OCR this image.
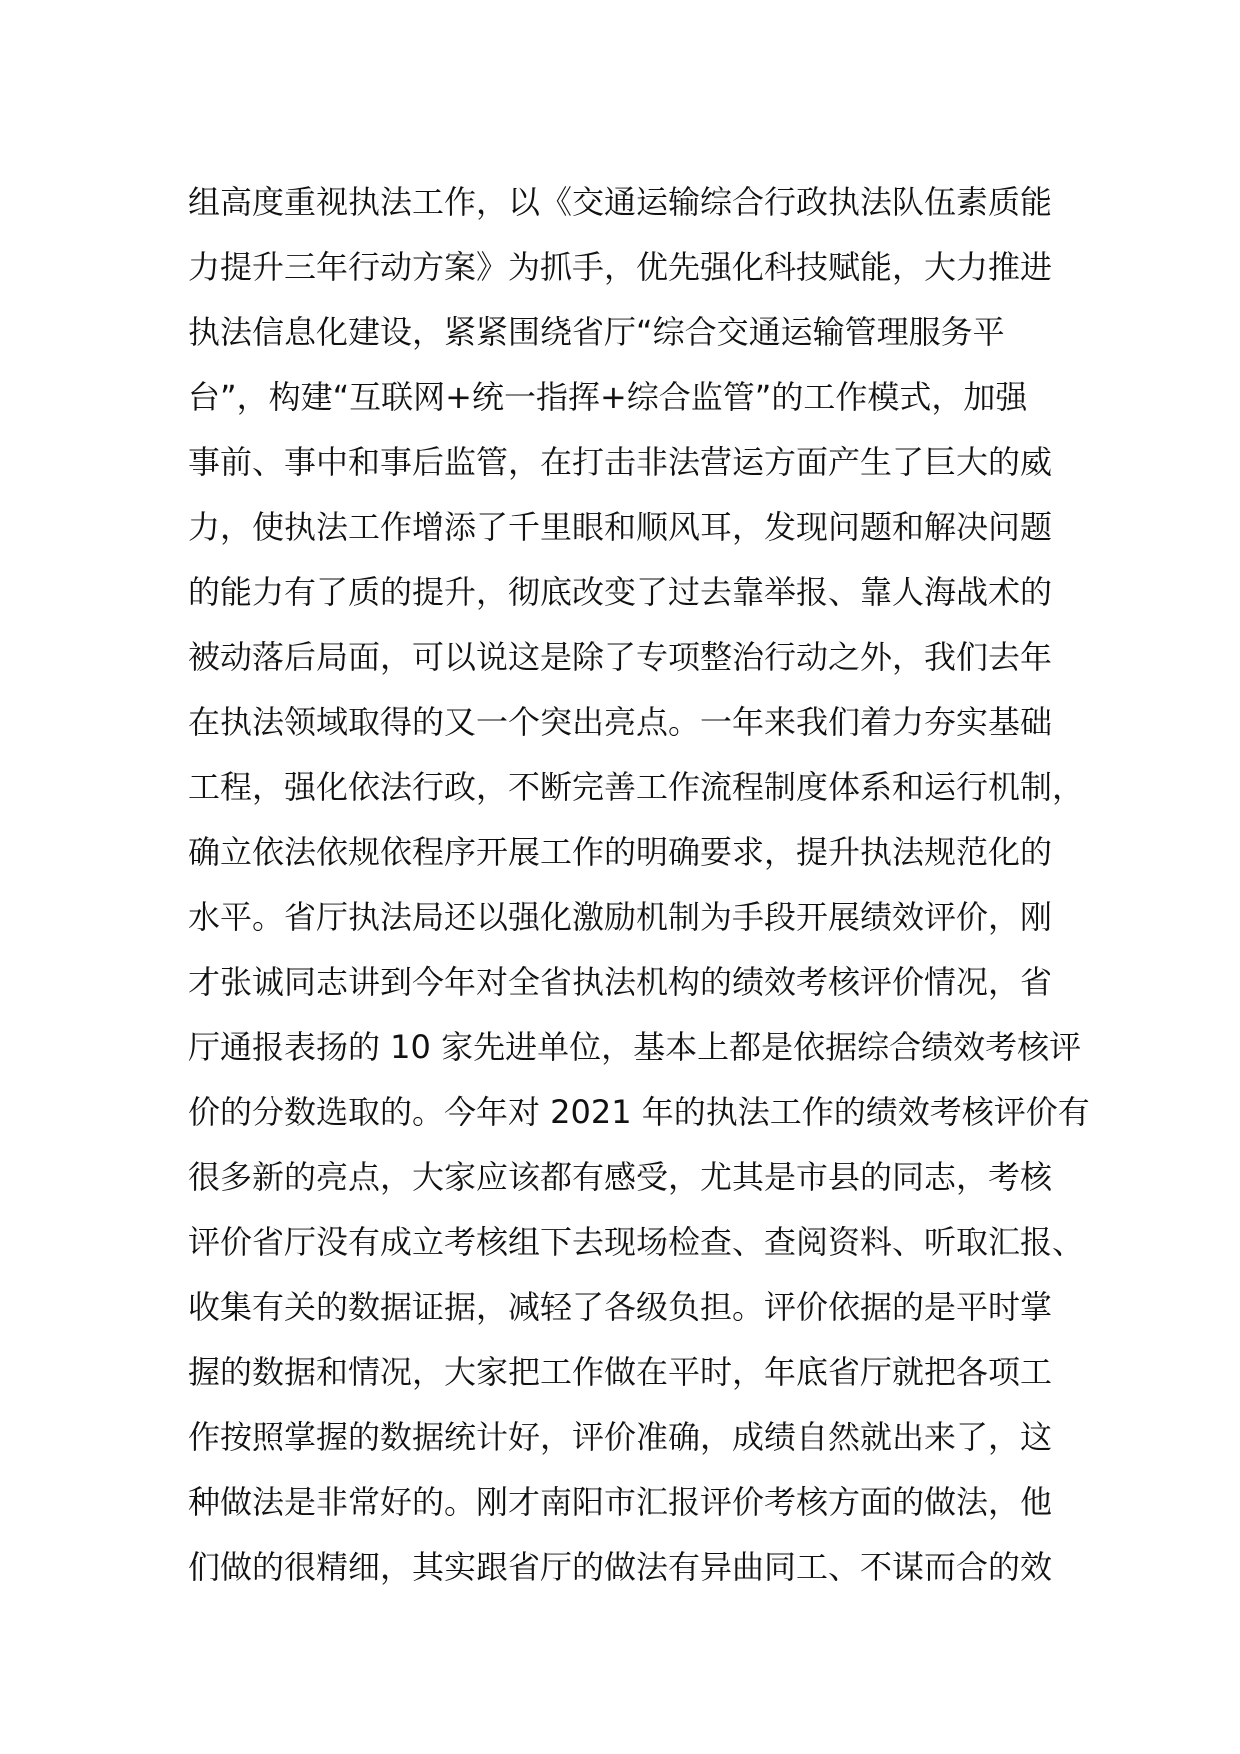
组高度重视执法工作，以《交通运输综合行政执法队伍素质能
力提升三年行动方案》为抓手，优先强化科技赋能，大力推进
执法信息化建设，紧紧围绕省厅“综合交通运输管理服务平
台”，构建“互联网+统一指挥+综合监管”的工作模式，加强
事前、事中和事后监管，在打击非法营运方面产生了巨大的威
力，使执法工作增添了千里眼和顺风耳，发现问题和解决问题
的能力有了质的提升，彻底改变了过去靠举报、靠人海战术的
被动落后局面，可以说这是除了专项整治行动之外，我们去年
在执法领域取得的又一个突出亮点。一年来我们着力夯实基础
工程，强化依法行政，不断完善工作流程制度体系和运行机制，
确立依法依规依程序开展工作的明确要求，提升执法规范化的
水平。省厅执法局还以强化激励机制为手段开展绩效评价，刚
才张诚同志讲到今年对全省执法机构的绩效考核评价情况，省
厅通报表扬的 10 家先进单位，基本上都是依据综合绩效考核评
价的分数选取的。今年对 2021 年的执法工作的绩效考核评价有
很多新的亮点，大家应该都有感受，尤其是市县的同志，考核
评价省厅没有成立考核组下去现场检查、查阅资料、听取汇报、
收集有关的数据证据，减轻了各级负担。评价依据的是平时掌
握的数据和情况，大家把工作做在平时，年底省厅就把各项工
作按照掌握的数据统计好，评价准确，成绩自然就出来了，这
种做法是非常好的。刚才南阳市汇报评价考核方面的做法，他
们做的很精细，其实跟省厅的做法有异曲同工、不谋而合的效
